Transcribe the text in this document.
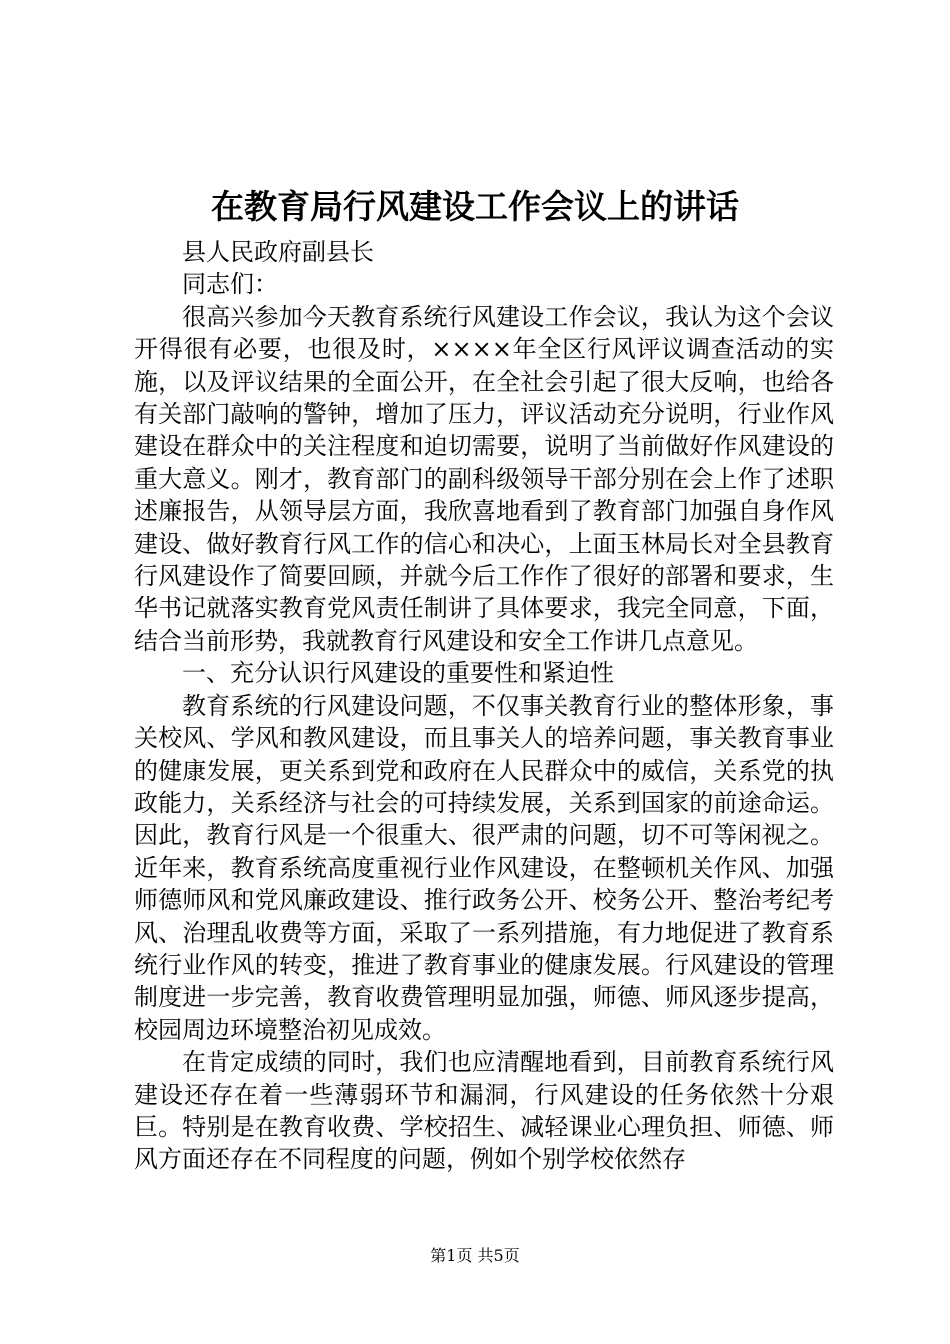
在教育局行风建设工作会议上的讲话

县人民政府副县长

同志们：

很高兴参加今天教育系统行风建设工作会议，我认为这个会议开得很有必要，也很及时，××××年全区行风评议调查活动的实施，以及评议结果的全面公开，在全社会引起了很大反响，也给各有关部门敲响的警钟，增加了压力，评议活动充分说明，行业作风建设在群众中的关注程度和迫切需要，说明了当前做好作风建设的重大意义。刚才，教育部门的副科级领导干部分别在会上作了述职述廉报告，从领导层方面，我欣喜地看到了教育部门加强自身作风建设、做好教育行风工作的信心和决心，上面玉林局长对全县教育行风建设作了简要回顾，并就今后工作作了很好的部署和要求，生华书记就落实教育党风责任制讲了具体要求，我完全同意，下面，结合当前形势，我就教育行风建设和安全工作讲几点意见。

一、充分认识行风建设的重要性和紧迫性

教育系统的行风建设问题，不仅事关教育行业的整体形象，事关校风、学风和教风建设，而且事关人的培养问题，事关教育事业的健康发展，更关系到党和政府在人民群众中的威信，关系党的执政能力，关系经济与社会的可持续发展，关系到国家的前途命运。因此，教育行风是一个很重大、很严肃的问题，切不可等闲视之。近年来，教育系统高度重视行业作风建设，在整顿机关作风、加强师德师风和党风廉政建设、推行政务公开、校务公开、整治考纪考风、治理乱收费等方面，采取了一系列措施，有力地促进了教育系统行业作风的转变，推进了教育事业的健康发展。行风建设的管理制度进一步完善，教育收费管理明显加强，师德、师风逐步提高，校园周边环境整治初见成效。

在肯定成绩的同时，我们也应清醒地看到，目前教育系统行风建设还存在着一些薄弱环节和漏洞，行风建设的任务依然十分艰巨。特别是在教育收费、学校招生、减轻课业心理负担、师德、师风方面还存在不同程度的问题，例如个别学校依然存

第1页 共5页
